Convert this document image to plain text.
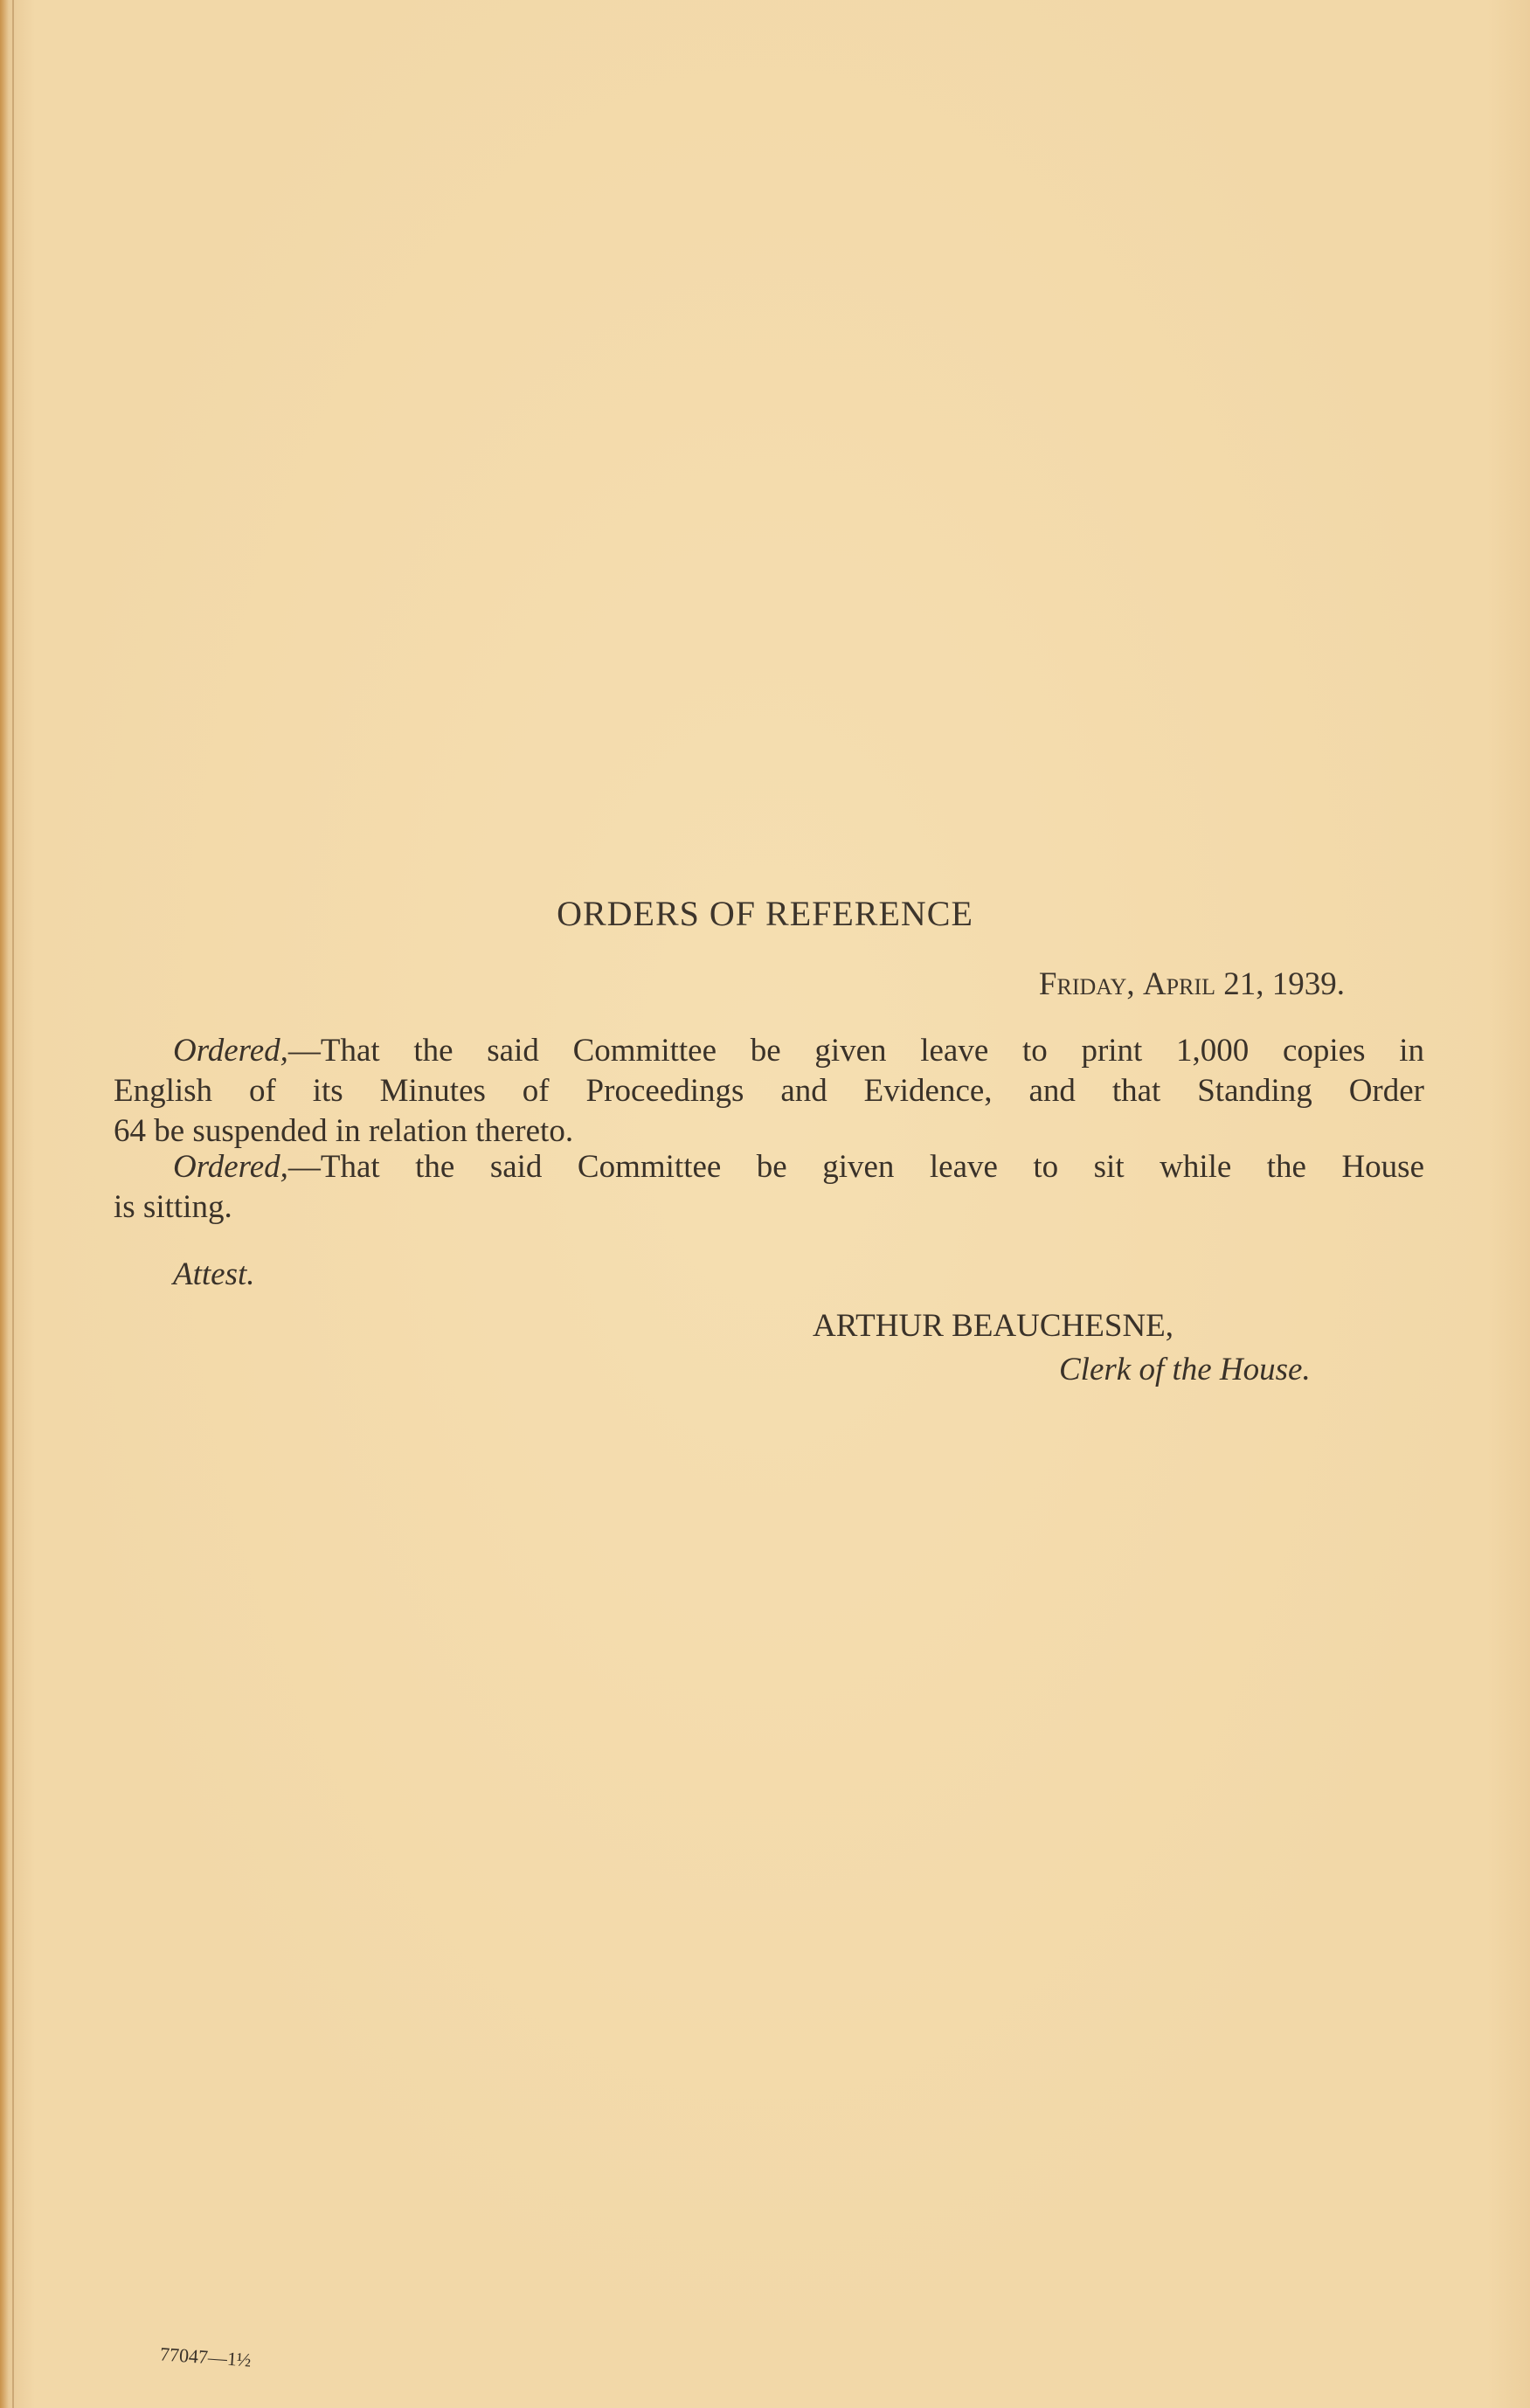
ORDERS OF REFERENCE
Friday, April 21, 1939.
Ordered,—That the said Committee be given leave to print 1,000 copies in
English of its Minutes of Proceedings and Evidence, and that Standing Order
64 be suspended in relation thereto.
Ordered,—That the said Committee be given leave to sit while the House
is sitting.
Attest.
ARTHUR BEAUCHESNE,
Clerk of the House.
77047—1½
